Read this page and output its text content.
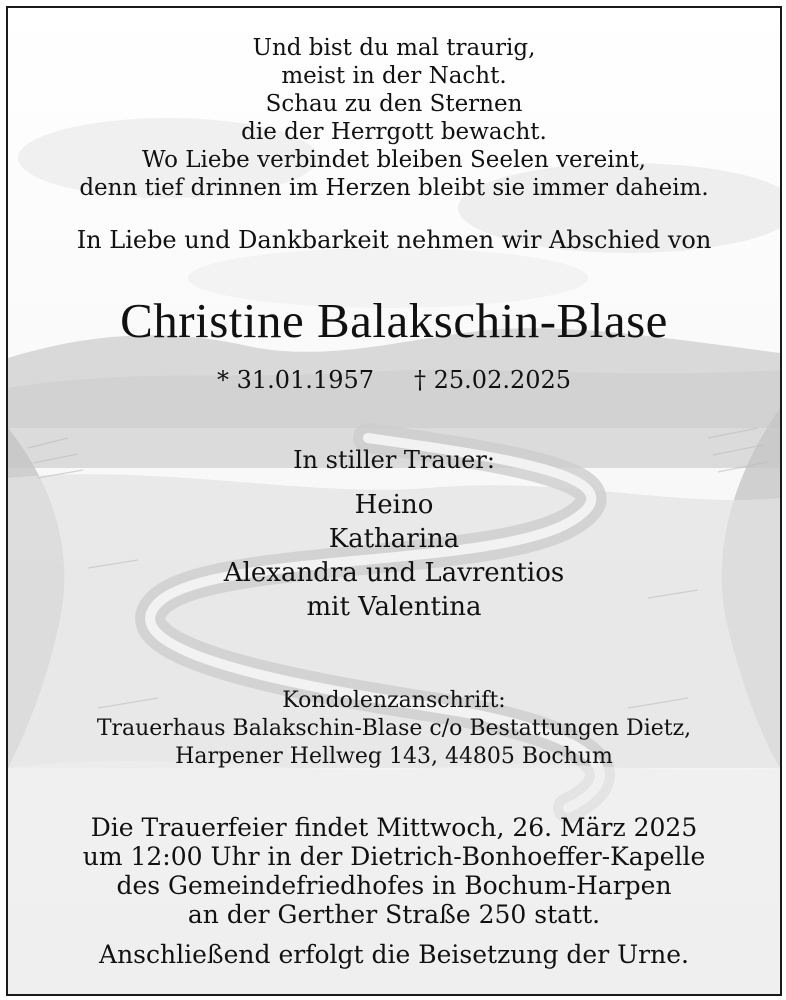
Und bist du mal traurig,
meist in der Nacht.
Schau zu den Sternen
die der Herrgott bewacht.
Wo Liebe verbindet bleiben Seelen vereint,
denn tief drinnen im Herzen bleibt sie immer daheim.
In Liebe und Dankbarkeit nehmen wir Abschied von
Christine Balakschin-Blase
* 31.01.1957 † 25.02.2025
In stiller Trauer:
Heino
Katharina
Alexandra und Lavrentios
mit Valentina
Kondolenzanschrift:
Trauerhaus Balakschin-Blase c/o Bestattungen Dietz,
Harpener Hellweg 143, 44805 Bochum
Die Trauerfeier findet Mittwoch, 26. März 2025
um 12:00 Uhr in der Dietrich-Bonhoeffer-Kapelle
des Gemeindefriedhofes in Bochum-Harpen
an der Gerther Straße 250 statt.
Anschließend erfolgt die Beisetzung der Urne.
